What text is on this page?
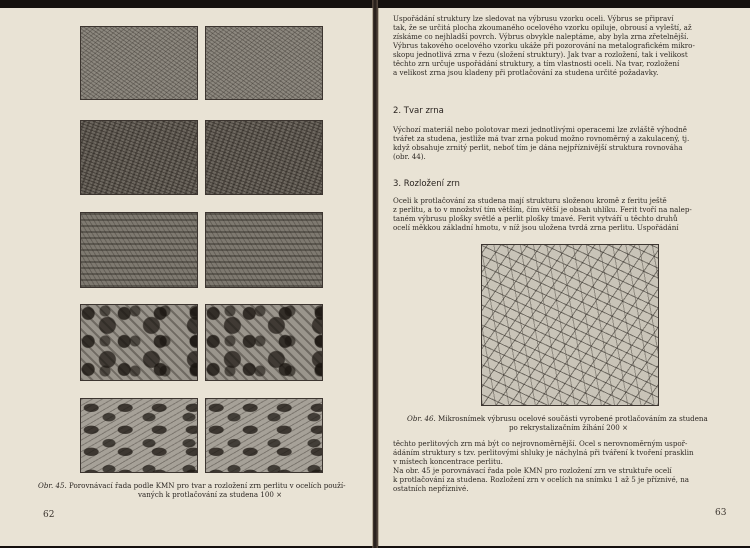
Obr. 45. Porovnávací řada podle KMN pro tvar a rozložení zrn perlitu v ocelích použí-
vaných k protlačování za studena 100 ×
62
Uspořádání struktury lze sledovat na výbrusu vzorku oceli. Výbrus se připraví
tak, že se určitá plocha zkoumaného ocelového vzorku opiluje, obrousí a vyleští, až
získáme co nejhladší povrch. Výbrus obvykle naleptáme, aby byla zrna zřetelnější.
Výbrus takového ocelového vzorku ukáže při pozorování na metalografickém mikro-
skopu jednotlivá zrna v řezu (složení struktury). Jak tvar a rozložení, tak i velikost
těchto zrn určuje uspořádání struktury, a tím vlastnosti oceli. Na tvar, rozložení
a velikost zrna jsou kladeny při protlačování za studena určité požadavky.
2. Tvar zrna
Výchozí materiál nebo polotovar mezi jednotlivými operacemi lze zvláště výhodně
tvářet za studena, jestliže má tvar zrna pokud možno rovnoměrný a zakulacený, tj.
když obsahuje zrnitý perlit, neboť tím je dána nejpříznivější struktura rovnováha
(obr. 44).
3. Rozložení zrn
Oceli k protlačování za studena mají strukturu složenou kromě z feritu ještě
z perlitu, a to v množství tím větším, čím větší je obsah uhlíku. Ferit tvoří na nalep-
taném výbrusu plošky světlé a perlit plošky tmavé. Ferit vytváří u těchto druhů
ocelí měkkou základní hmotu, v níž jsou uložena tvrdá zrna perlitu. Uspořádání
Obr. 46. Mikrosnímek výbrusu ocelové součásti vyrobené protlačováním za studena
po rekrystalizačním žíhání 200 ×
těchto perlitových zrn má být co nejrovnoměrnější. Ocel s nerovnoměrným uspoř-
ádáním struktury s tzv. perlitovými shluky je náchylná při tváření k tvoření prasklin
v místech koncentrace perlitu.
Na obr. 45 je porovnávací řada pole KMN pro rozložení zrn ve struktuře ocelí
k protlačování za studena. Rozložení zrn v ocelích na snímku 1 až 5 je příznivé, na
ostatních nepříznivé.
63
